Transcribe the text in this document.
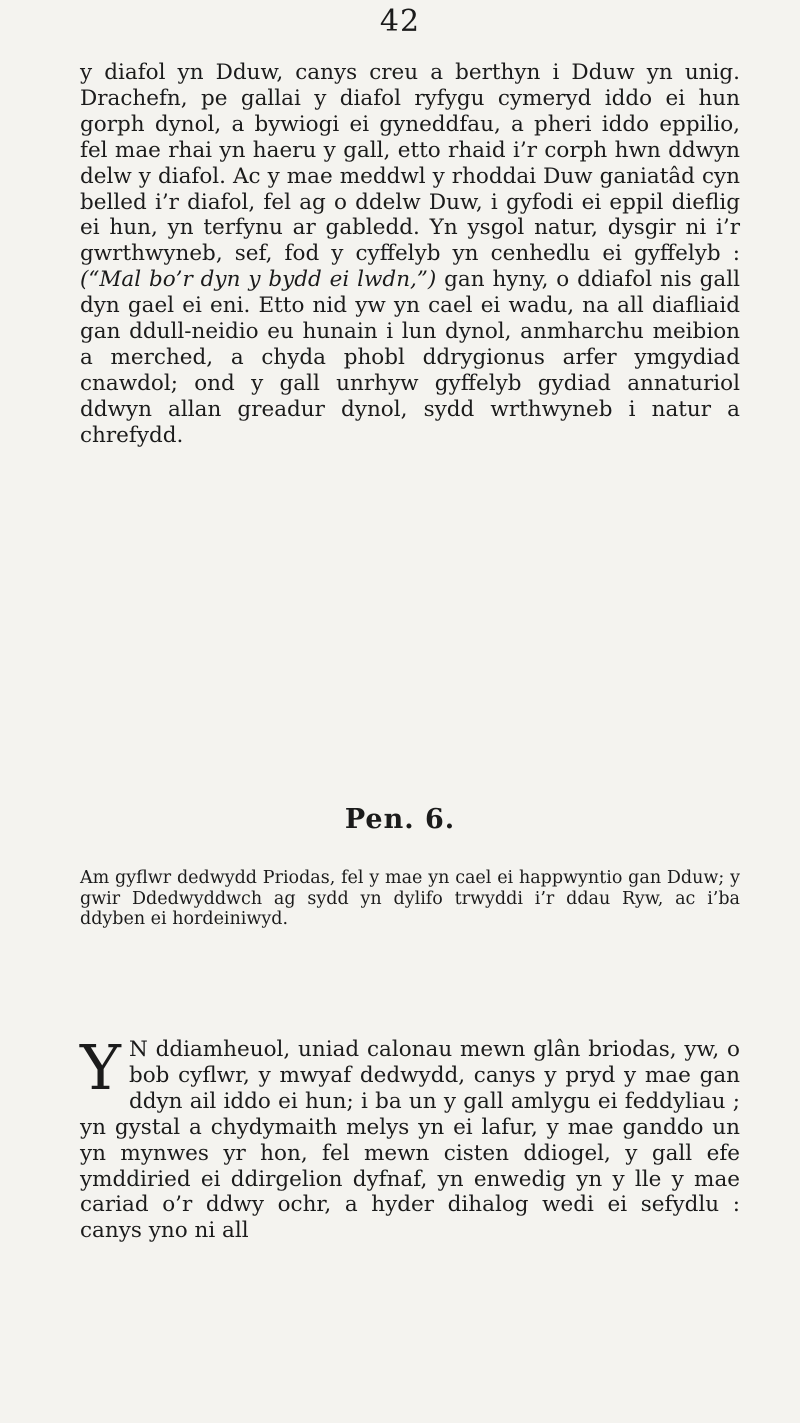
42

y diafol yn Dduw, canys creu a berthyn i Dduw yn unig. Drachefn, pe gallai y diafol ryfygu cymeryd iddo ei hun gorph dynol, a bywiogi ei gyneddfau, a pheri iddo eppilio, fel mae rhai yn haeru y gall, etto rhaid i’r corph hwn ddwyn delw y diafol. Ac y mae meddwl y rhoddai Duw ganiatâd cyn belled i’r diafol, fel ag o ddelw Duw, i gyfodi ei eppil dieflig ei hun, yn terfynu ar gabledd. Yn ysgol natur, dysgir ni i’r gwrthwyneb, sef, fod y cyffelyb yn cenhedlu ei gyffelyb : (“Mal bo’r dyn y bydd ei lwdn,”) gan hyny, o ddiafol nis gall dyn gael ei eni. Etto nid yw yn cael ei wadu, na all diafliaid gan ddull-neidio eu hunain i lun dynol, anmharchu meibion a merched, a chyda phobl ddrygionus arfer ymgydiad cnawdol; ond y gall unrhyw gyffelyb gydiad annaturiol ddwyn allan greadur dynol, sydd wrthwyneb i natur a chrefydd.

Pen. 6.

Am gyflwr dedwydd Priodas, fel y mae yn cael ei happwyntio gan Dduw; y gwir Ddedwyddwch ag sydd yn dylifo trwyddi i’r ddau Ryw, ac i’ba ddyben ei hordeiniwyd.

Y N ddiamheuol, uniad calonau mewn glân briodas, yw, o bob cyflwr, y mwyaf dedwydd, canys y pryd y mae gan ddyn ail iddo ei hun; i ba un y gall amlygu ei feddyliau ; yn gystal a chydymaith melys yn ei lafur, y mae ganddo un yn mynwes yr hon, fel mewn cisten ddiogel, y gall efe ymddiried ei ddirgelion dyfnaf, yn enwedig yn y lle y mae cariad o’r ddwy ochr, a hyder dihalog wedi ei sefydlu : canys yno ni all
